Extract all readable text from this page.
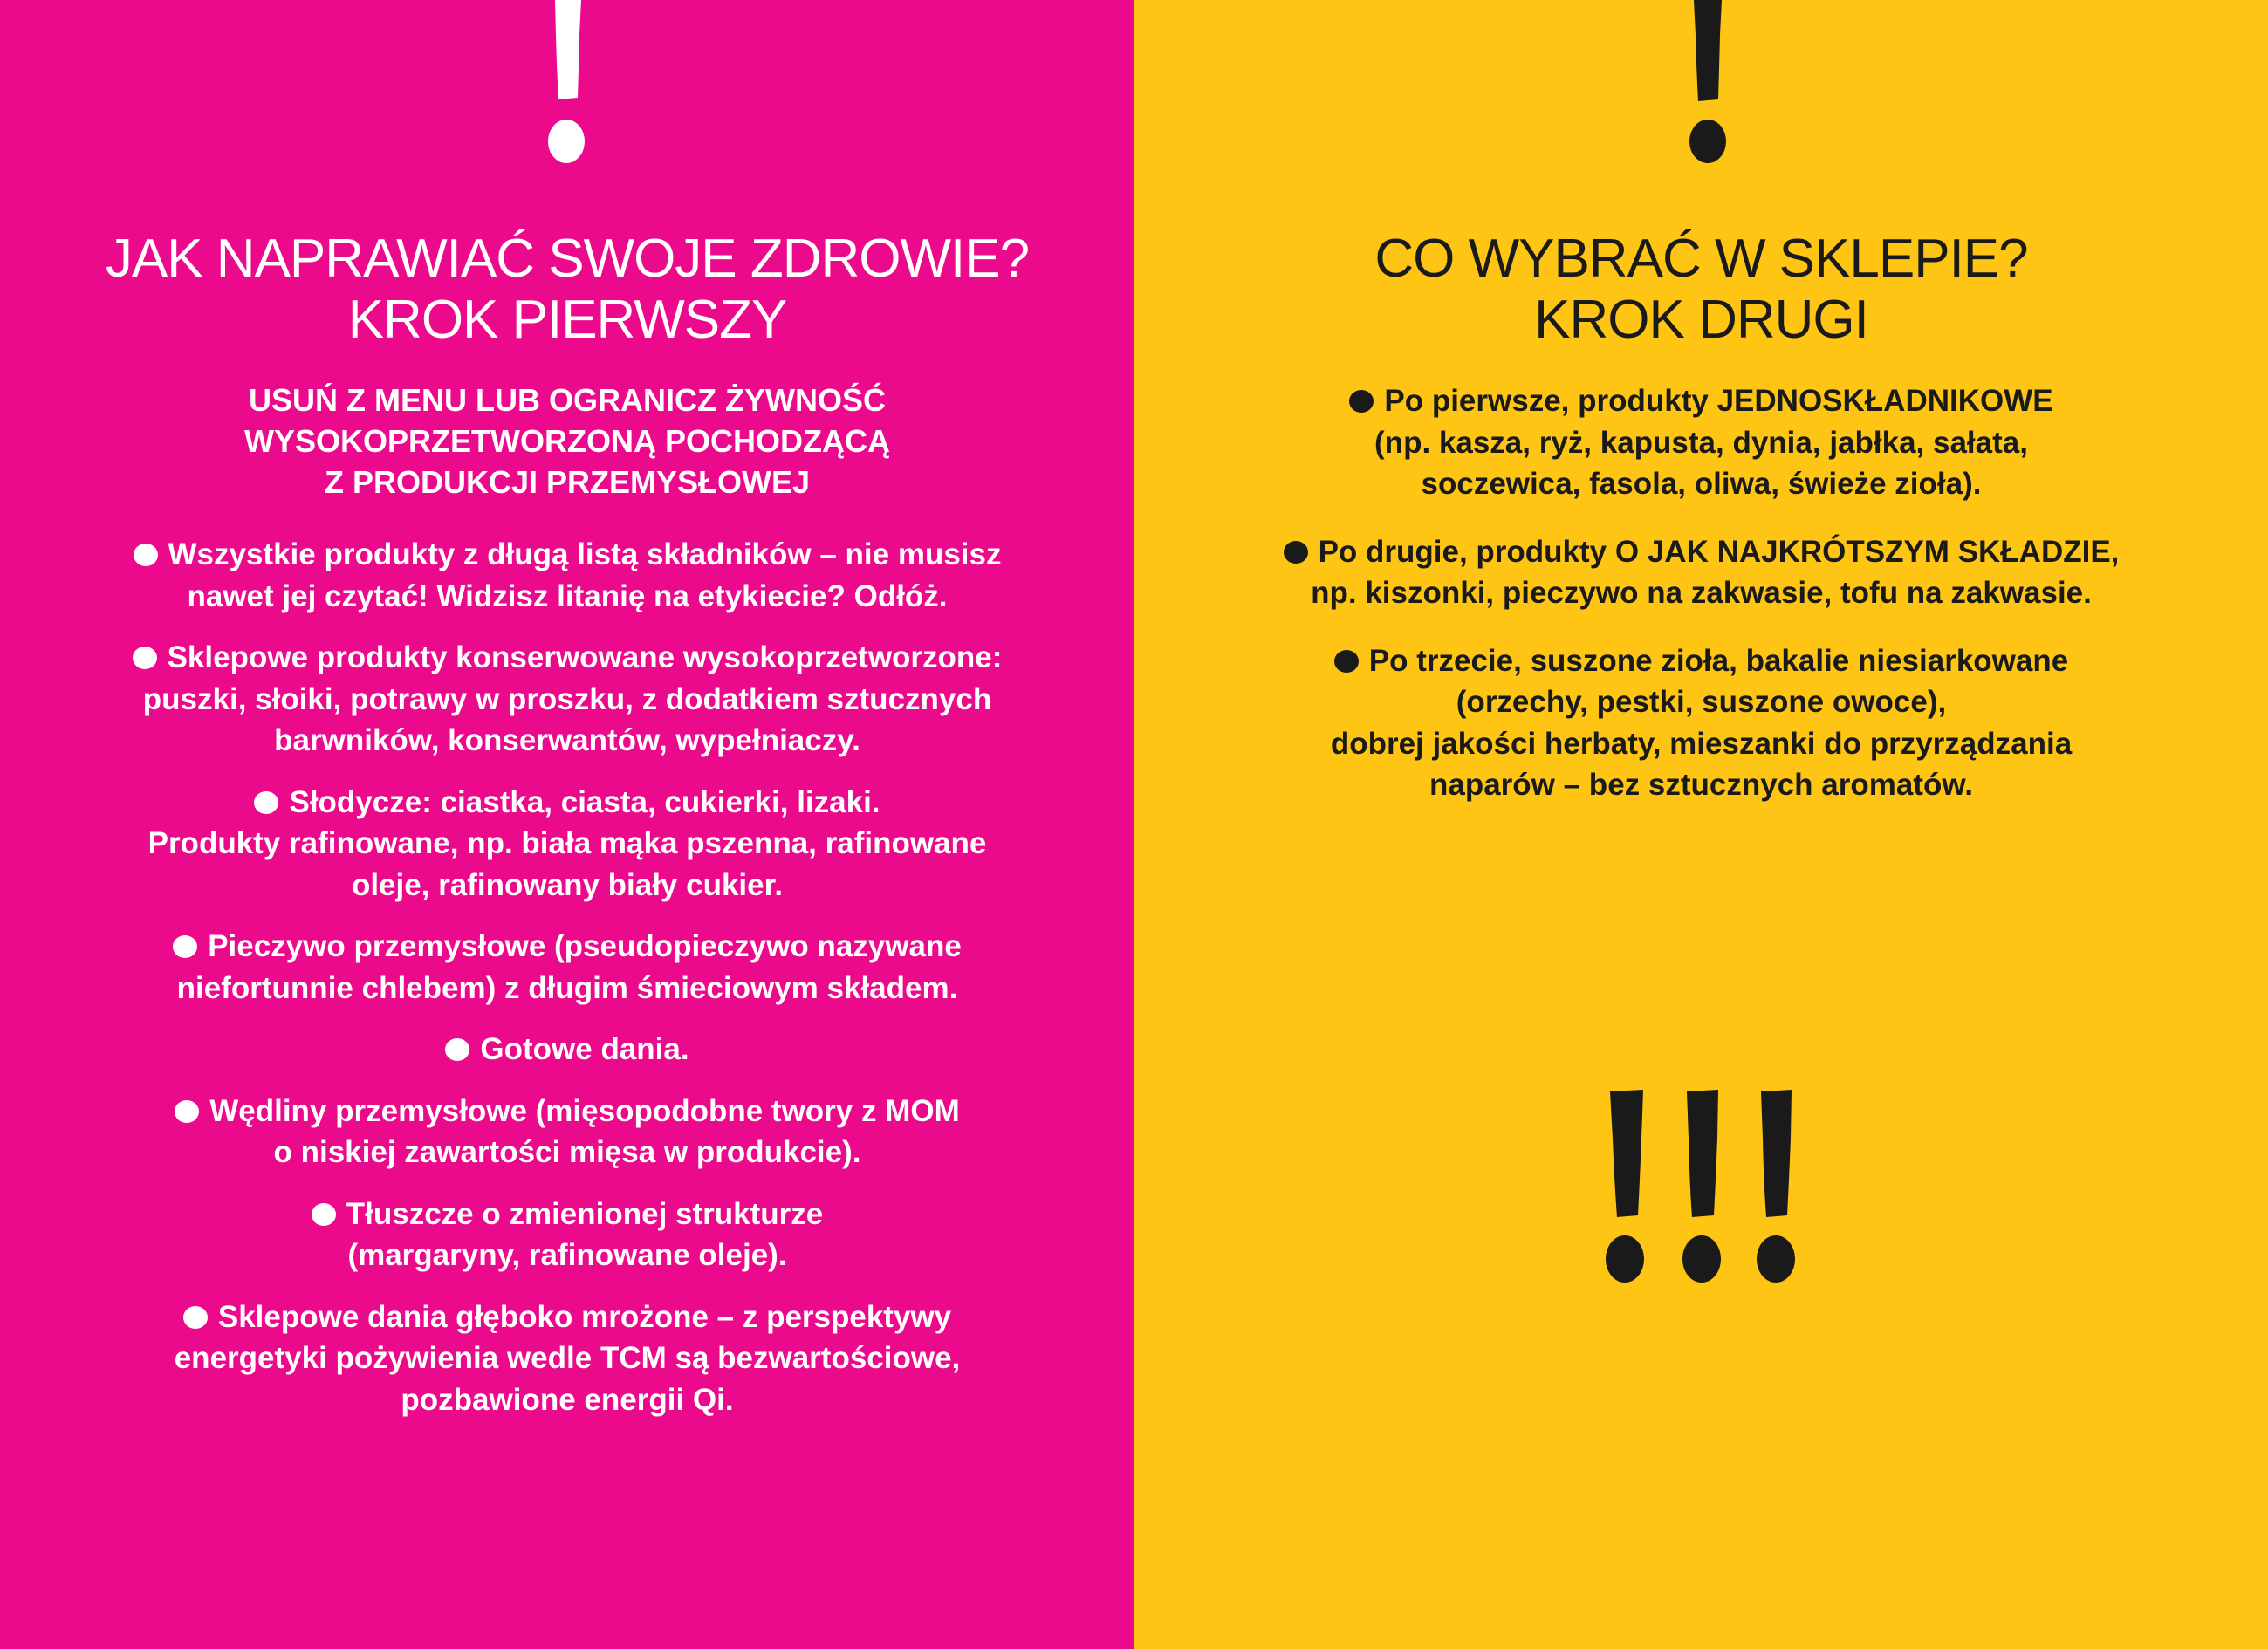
JAK NAPRAWIAĆ SWOJE ZDROWIE?
KROK PIERWSZY
USUŃ Z MENU LUB OGRANICZ ŻYWNOŚĆ
WYSOKOPRZETWORZONĄ POCHODZĄCĄ
Z PRODUKCJI PRZEMYSŁOWEJ
Wszystkie produkty z długą listą składników – nie musisz
nawet jej czytać! Widzisz litanię na etykiecie? Odłóż.
Sklepowe produkty konserwowane wysokoprzetworzone:
puszki, słoiki, potrawy w proszku, z dodatkiem sztucznych
barwników, konserwantów, wypełniaczy.
Słodycze: ciastka, ciasta, cukierki, lizaki.
Produkty rafinowane, np. biała mąka pszenna, rafinowane
oleje, rafinowany biały cukier.
Pieczywo przemysłowe (pseudopieczywo nazywane
niefortunnie chlebem) z długim śmieciowym składem.
Gotowe dania.
Wędliny przemysłowe (mięsopodobne twory z MOM
o niskiej zawartości mięsa w produkcie).
Tłuszcze o zmienionej strukturze
(margaryny, rafinowane oleje).
Sklepowe dania głęboko mrożone – z perspektywy
energetyki pożywienia wedle TCM są bezwartościowe,
pozbawione energii Qi.
CO WYBRAĆ W SKLEPIE?
KROK DRUGI
Po pierwsze, produkty JEDNOSKŁADNIKOWE
(np. kasza, ryż, kapusta, dynia, jabłka, sałata,
soczewica, fasola, oliwa, świeże zioła).
Po drugie, produkty O JAK NAJKRÓTSZYM SKŁADZIE,
np. kiszonki, pieczywo na zakwasie, tofu na zakwasie.
Po trzecie, suszone zioła, bakalie niesiarkowane
(orzechy, pestki, suszone owoce),
dobrej jakości herbaty, mieszanki do przyrządzania
naparów – bez sztucznych aromatów.
